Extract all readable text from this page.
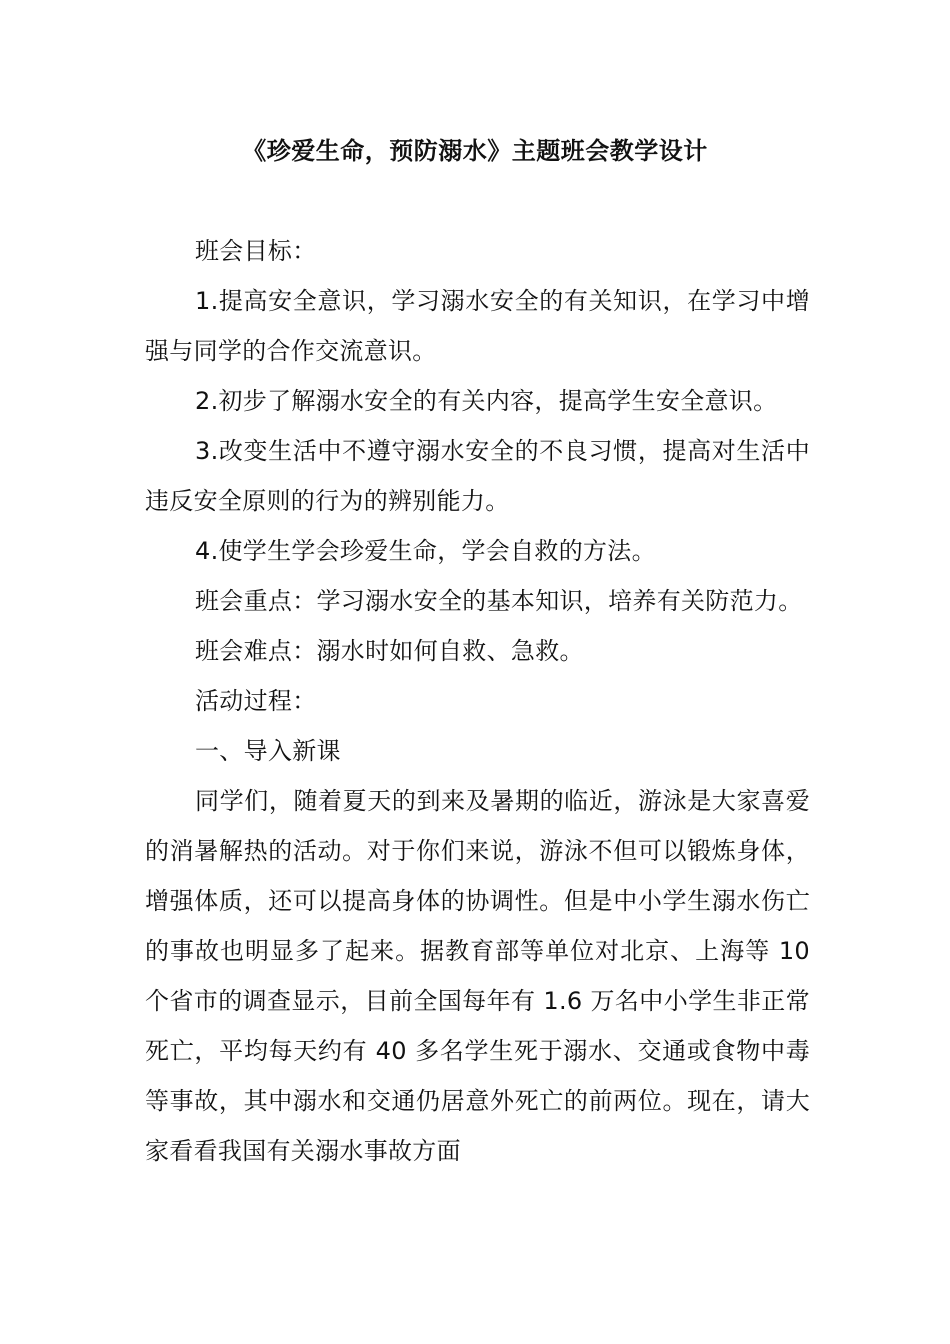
《珍爱生命，预防溺水》主题班会教学设计

班会目标：

1.提高安全意识，学习溺水安全的有关知识，在学习中增强与同学的合作交流意识。

2.初步了解溺水安全的有关内容，提高学生安全意识。

3.改变生活中不遵守溺水安全的不良习惯，提高对生活中违反安全原则的行为的辨别能力。

4.使学生学会珍爱生命，学会自救的方法。

班会重点：学习溺水安全的基本知识，培养有关防范力。

班会难点：溺水时如何自救、急救。

活动过程：

一、导入新课

同学们，随着夏天的到来及暑期的临近，游泳是大家喜爱的消暑解热的活动。对于你们来说，游泳不但可以锻炼身体，增强体质，还可以提高身体的协调性。但是中小学生溺水伤亡的事故也明显多了起来。据教育部等单位对北京、上海等 10 个省市的调查显示，目前全国每年有 1.6 万名中小学生非正常死亡，平均每天约有 40 多名学生死于溺水、交通或食物中毒等事故，其中溺水和交通仍居意外死亡的前两位。现在，请大家看看我国有关溺水事故方面
